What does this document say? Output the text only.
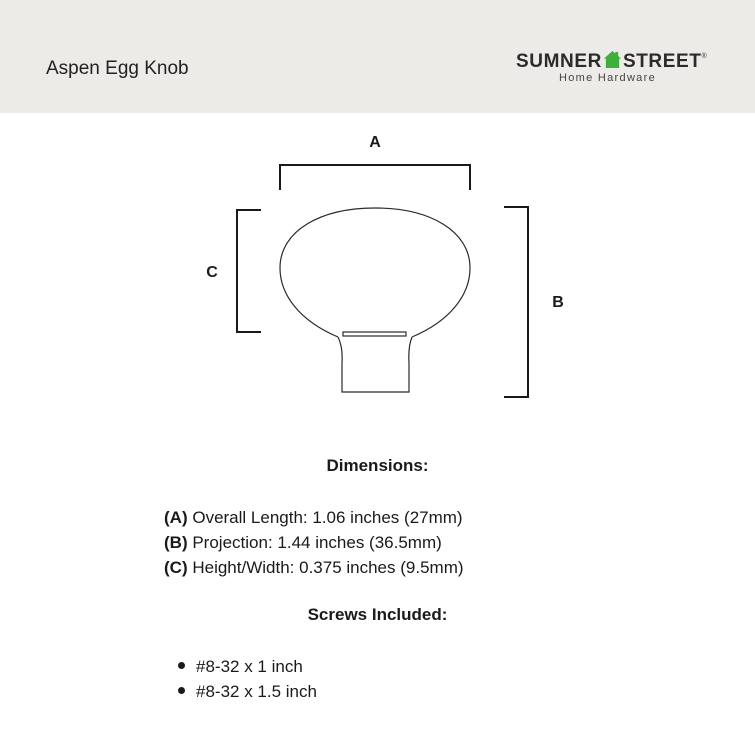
Aspen Egg Knob	SUMNER STREET®
Home Hardware
A
C
B
Dimensions:
(A) Overall Length: 1.06 inches (27mm)
(B) Projection: 1.44 inches (36.5mm)
(C) Height/Width: 0.375 inches (9.5mm)
Screws Included:
#8-32 x 1 inch
#8-32 x 1.5 inch
